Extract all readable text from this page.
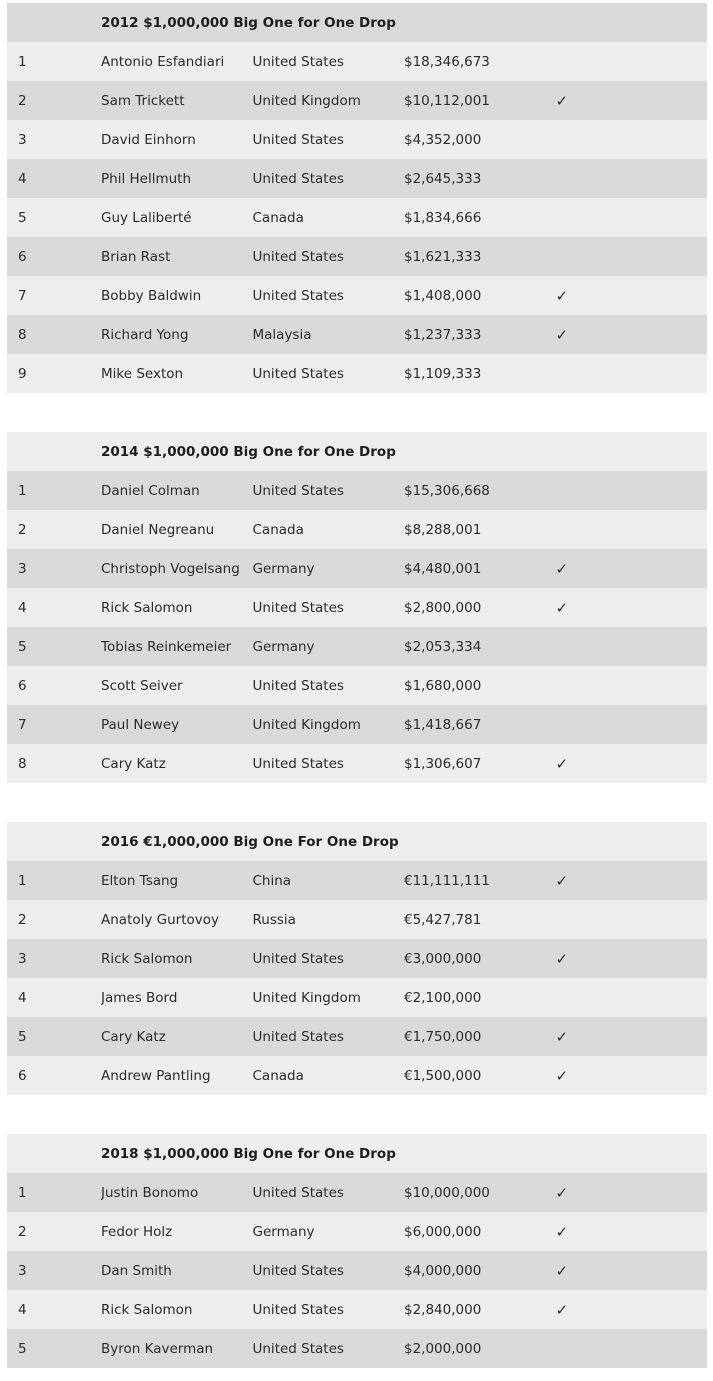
	2012 $1,000,000 Big One for One Drop			
1	Antonio Esfandiari	United States	$18,346,673	
2	Sam Trickett	United Kingdom	$10,112,001	✓
3	David Einhorn	United States	$4,352,000	
4	Phil Hellmuth	United States	$2,645,333	
5	Guy Laliberté	Canada	$1,834,666	
6	Brian Rast	United States	$1,621,333	
7	Bobby Baldwin	United States	$1,408,000	✓
8	Richard Yong	Malaysia	$1,237,333	✓
9	Mike Sexton	United States	$1,109,333	
	2014 $1,000,000 Big One for One Drop			
1	Daniel Colman	United States	$15,306,668	
2	Daniel Negreanu	Canada	$8,288,001	
3	Christoph Vogelsang	Germany	$4,480,001	✓
4	Rick Salomon	United States	$2,800,000	✓
5	Tobias Reinkemeier	Germany	$2,053,334	
6	Scott Seiver	United States	$1,680,000	
7	Paul Newey	United Kingdom	$1,418,667	
8	Cary Katz	United States	$1,306,607	✓
	2016 €1,000,000 Big One For One Drop			
1	Elton Tsang	China	€11,111,111	✓
2	Anatoly Gurtovoy	Russia	€5,427,781	
3	Rick Salomon	United States	€3,000,000	✓
4	James Bord	United Kingdom	€2,100,000	
5	Cary Katz	United States	€1,750,000	✓
6	Andrew Pantling	Canada	€1,500,000	✓
	2018 $1,000,000 Big One for One Drop			
1	Justin Bonomo	United States	$10,000,000	✓
2	Fedor Holz	Germany	$6,000,000	✓
3	Dan Smith	United States	$4,000,000	✓
4	Rick Salomon	United States	$2,840,000	✓
5	Byron Kaverman	United States	$2,000,000	
